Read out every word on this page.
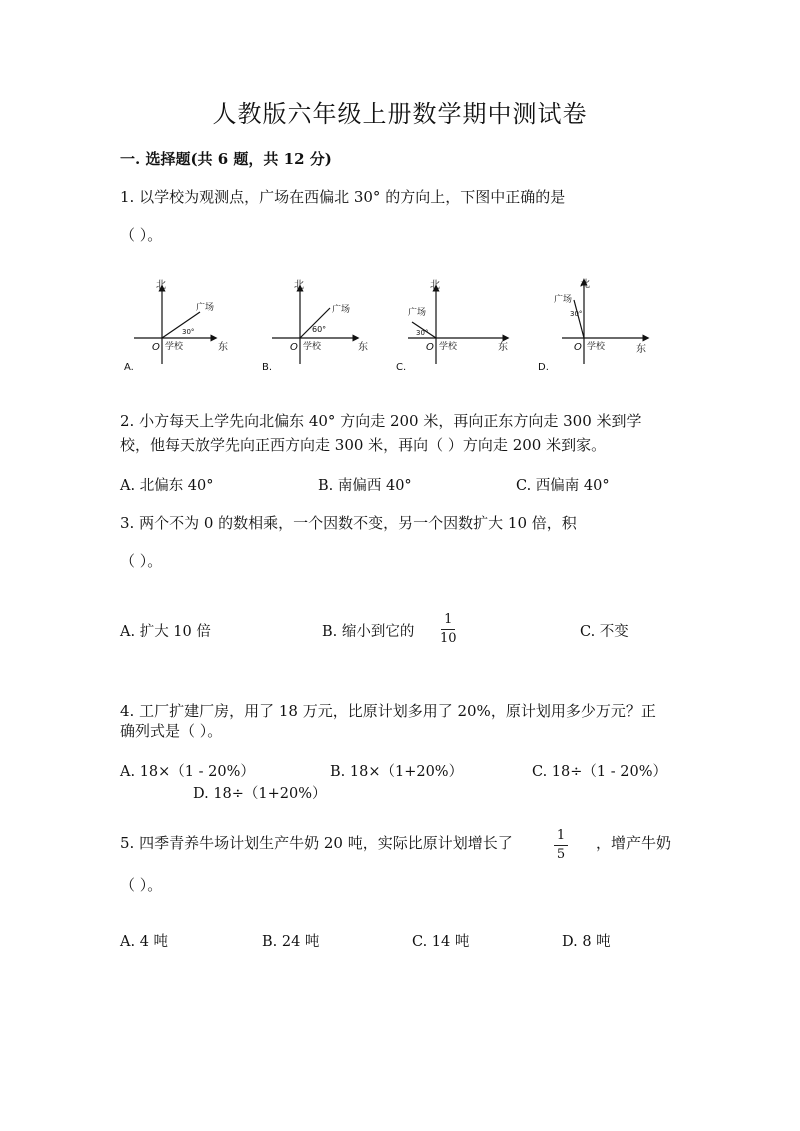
人教版六年级上册数学期中测试卷
一. 选择题(共 6 题，共 12 分)
1. 以学校为观测点，广场在西偏北 30° 的方向上，下图中正确的是
（ ）。
北
东
O 学校
广场
30°
A.
北
东
O 学校
广场
60°
B.
北
东
O 学校
广场
30°
C.
北
东
O 学校
广场
30°
D.
2. 小方每天上学先向北偏东 40° 方向走 200 米，再向正东方向走 300 米到学
校，他每天放学先向正西方向走 300 米，再向（ ）方向走 200 米到家。
A. 北偏东 40°	B. 南偏西 40°	C. 西偏南 40°
3. 两个不为 0 的数相乘，一个因数不变，另一个因数扩大 10 倍，积
（ ）。
A. 扩大 10 倍	B. 缩小到它的
1
10	C. 不变
4. 工厂扩建厂房，用了 18 万元，比原计划多用了 20%，原计划用多少万元？正
确列式是（ ）。
A. 18×（1 - 20%）	B. 18×（1+20%）	C. 18÷（1 - 20%）
D. 18÷（1+20%）
5. 四季青养牛场计划生产牛奶 20 吨，实际比原计划增长了	1
5
，增产牛奶
（ ）。
A. 4 吨	B. 24 吨	C. 14 吨	D. 8 吨
